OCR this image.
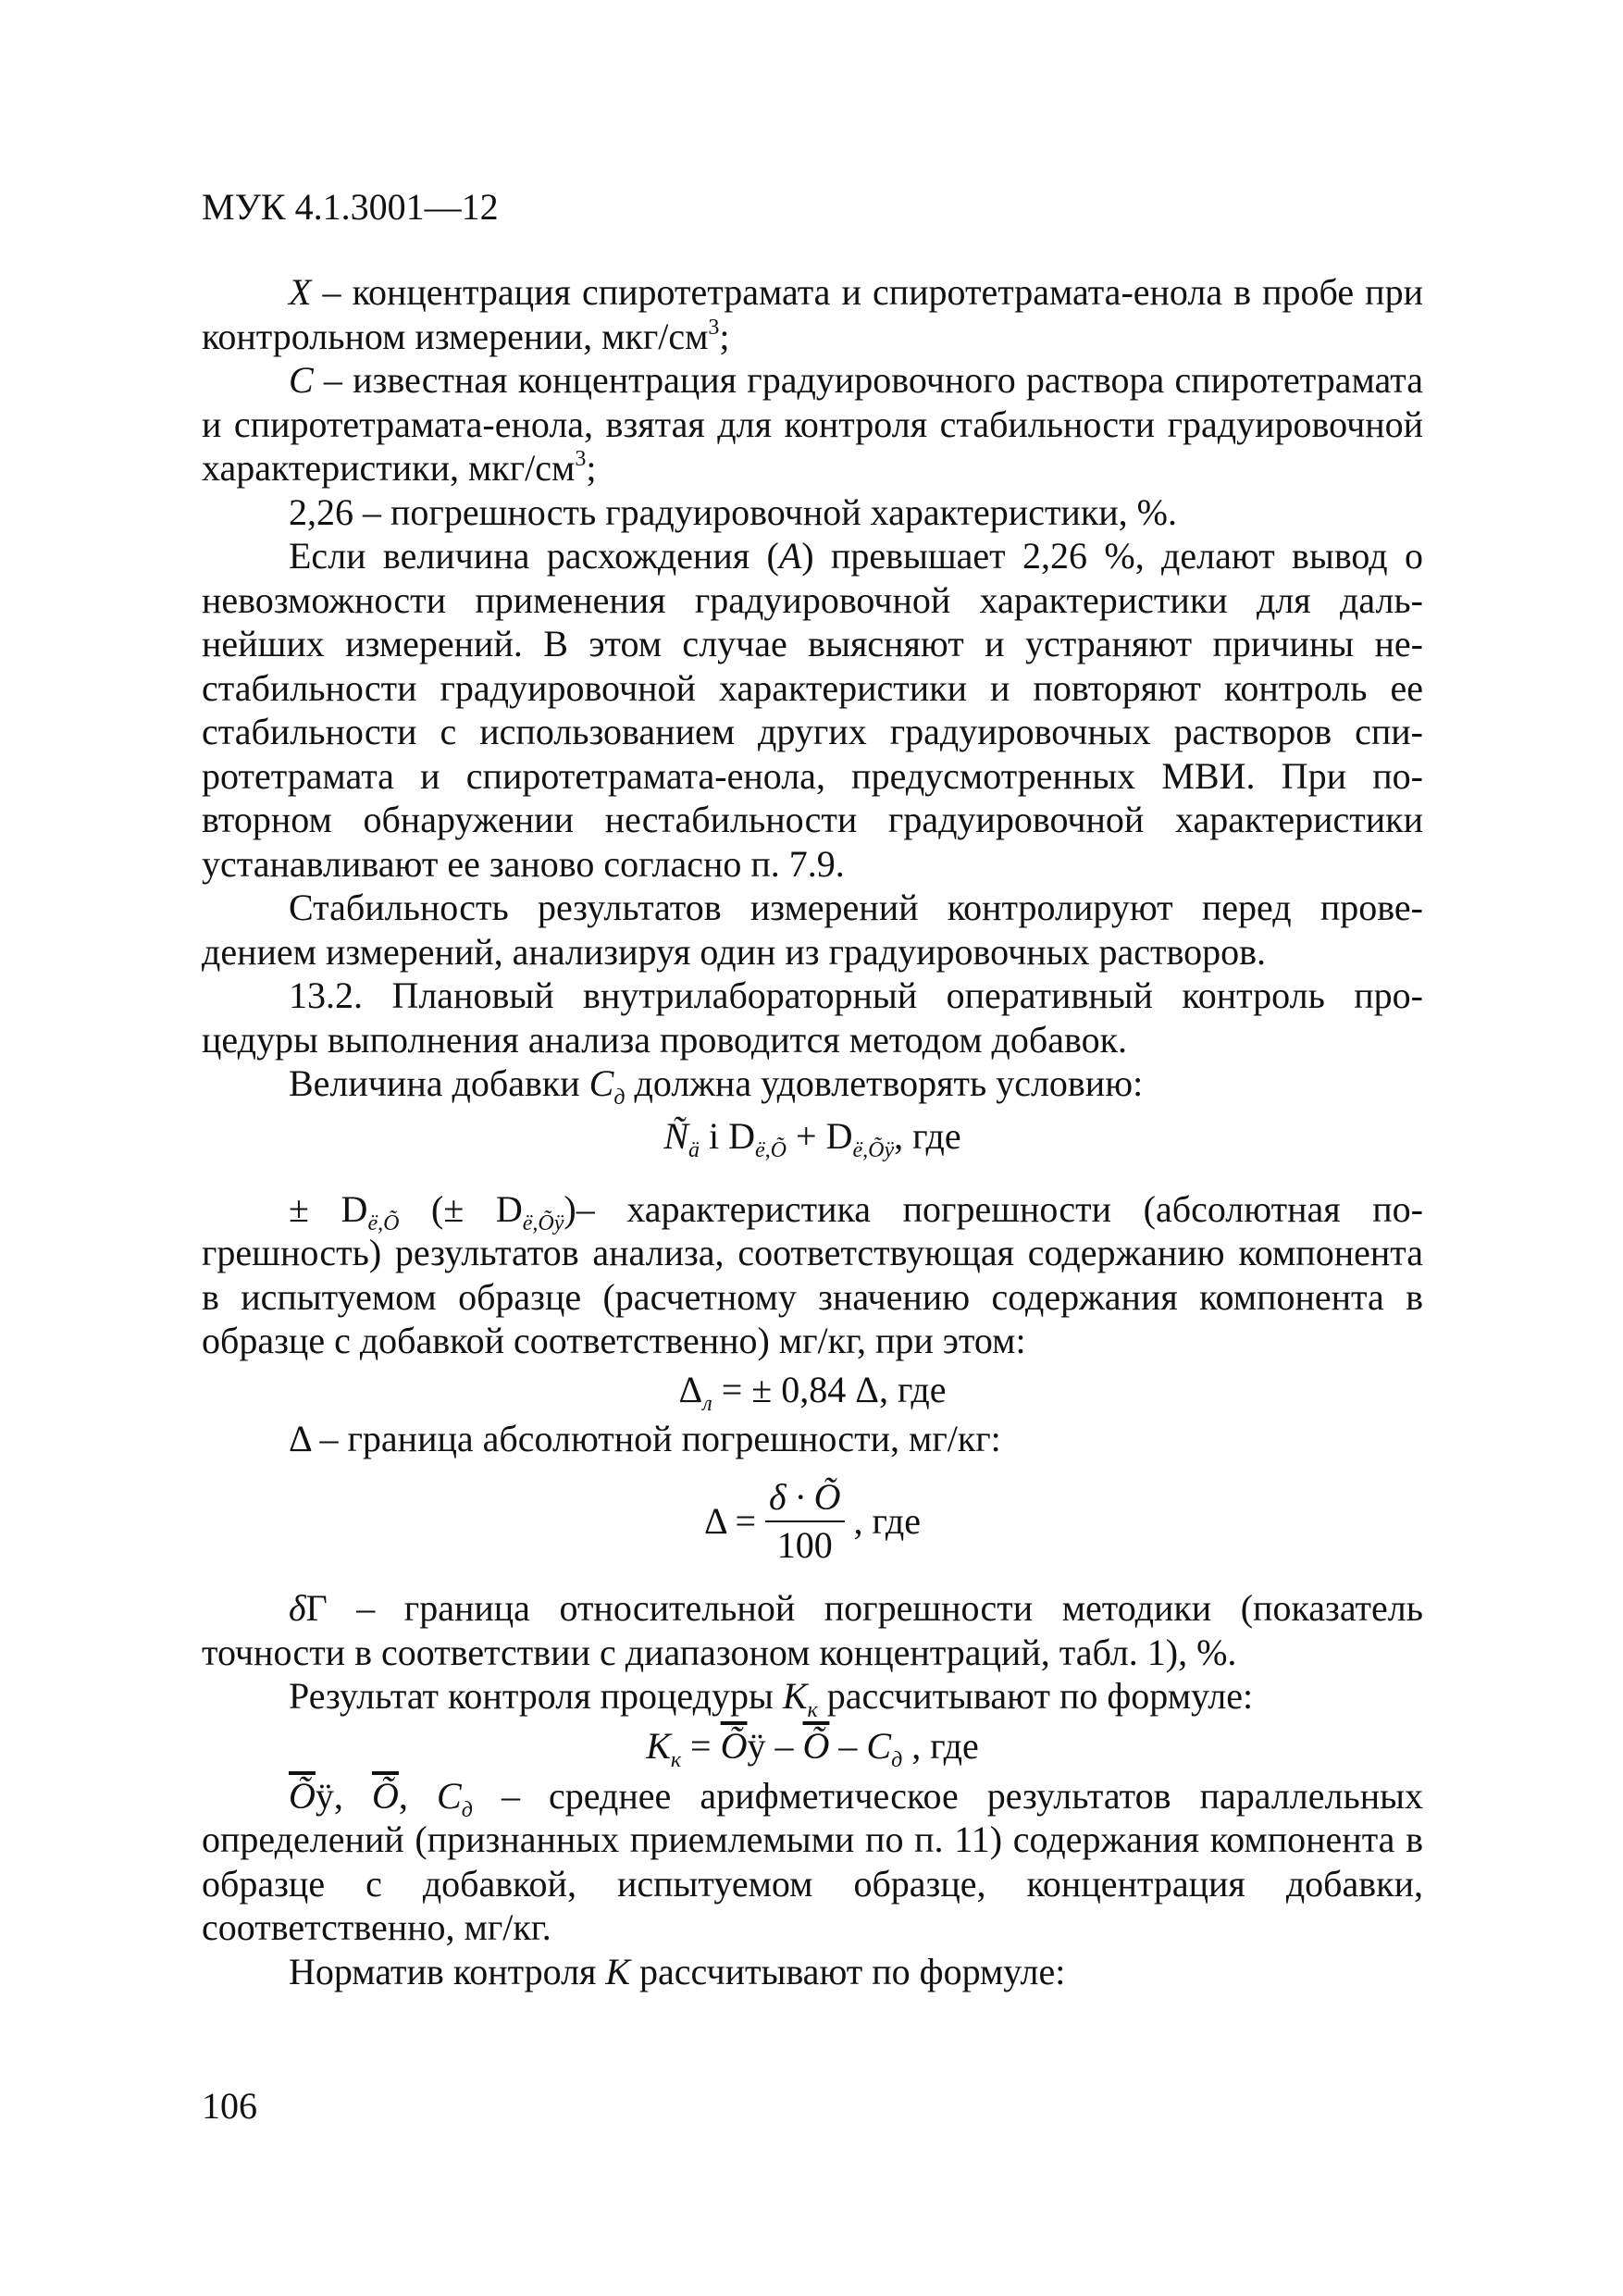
МУК 4.1.3001—12

X – концентрация спиротетрамата и спиротетрамата-енола в пробе при контрольном измерении, мкг/$см^3$;

С – известная концентрация градуировочного раствора спиротетрамата и спиротетрамата-енола, взятая для контроля стабильности градуировочной характеристики, мкг/$см^3$;

2,26 – погрешность градуировочной характеристики, %.

Если величина расхождения (А) превышает 2,26 %, делают вывод о невозможности применения градуировочной характеристики для дальнейших измерений. В этом случае выясняют и устраняют причины нестабильности градуировочной характеристики и повторяют контроль ее стабильности с использованием других градуировочных растворов спиротетрамата и спиротетрамата-енола, предусмотренных МВИ. При повторном обнаружении нестабильности градуировочной характеристики устанавливают ее заново согласно п. 7.9.

Стабильность результатов измерений контролируют перед проведением измерений, анализируя один из градуировочных растворов.

13.2. Плановый внутрилабораторный оперативный контроль процедуры выполнения анализа проводится методом добавок.

Величина добавки $С_д$ должна удовлетворять условию:

$Ñ_ä$ i $D_{ë,Õ} + D_{ë,Õÿ}$, где

± $D_{ë,Õ}$ (± $D_{ë,Õÿ})-$ характеристика погрешности (абсолютная погрешность) результатов анализа, соответствующая содержанию компонента в испытуемом образце (расчетному значению содержания компонента в образце с добавкой соответственно) мг/кг, при этом:

$\Delta_л$ = ± 0,84 Δ, где

Δ – граница абсолютной погрешности, мг/кг:

$\Delta = \frac{\delta \cdot Õ}{100}$ , где

δГ – граница относительной погрешности методики (показатель точности в соответствии с диапазоном концентраций, табл. 1), %.

Результат контроля процедуры $К_к$ рассчитывают по формуле:

$К_к$ = $\overline{Õ}ÿ - \overline{Õ} - С_д$ , где

$\overline{Õ}ÿ$, $\overline{Õ}$, $С_д$ – среднее арифметическое результатов параллельных определений (признанных приемлемыми по п. 11) содержания компонента в образце с добавкой, испытуемом образце, концентрация добавки, соответственно, мг/кг.

Норматив контроля К рассчитывают по формуле:

106
